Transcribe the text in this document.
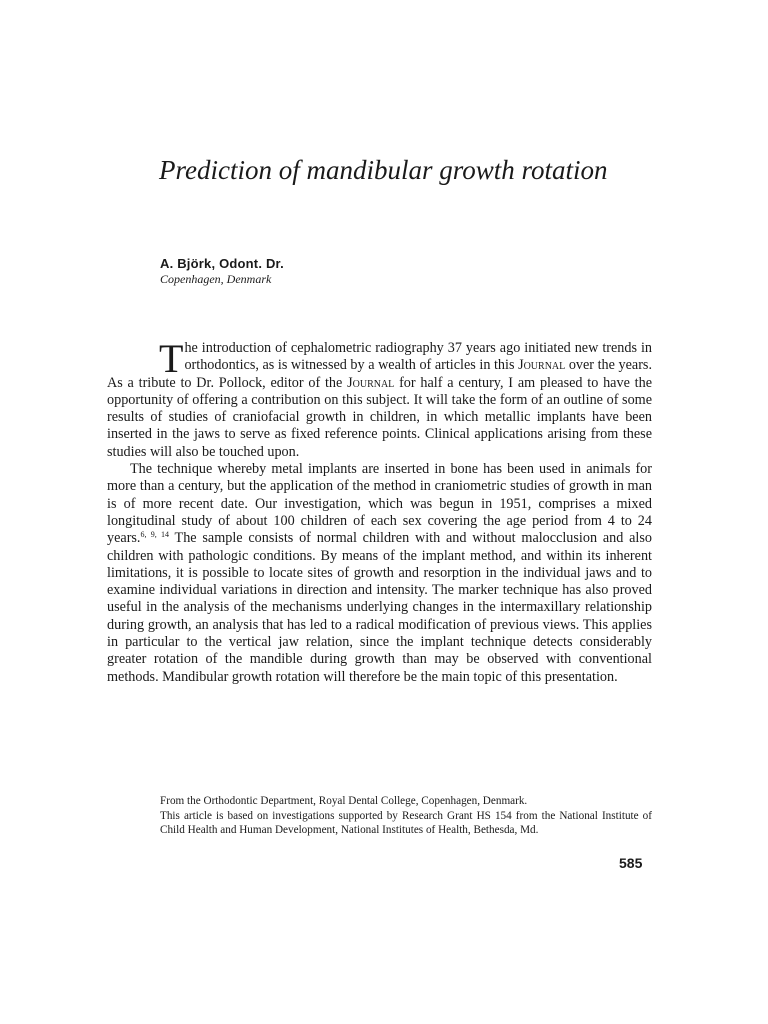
Prediction of mandibular growth rotation
A. Björk, Odont. Dr.
Copenhagen, Denmark

The introduction of cephalometric radiography 37 years ago initiated new trends in orthodontics, as is witnessed by a wealth of articles in this Journal over the years. As a tribute to Dr. Pollock, editor of the Journal for half a century, I am pleased to have the opportunity of offering a contribution on this subject. It will take the form of an outline of some results of studies of craniofacial growth in children, in which metallic implants have been inserted in the jaws to serve as fixed reference points. Clinical applications arising from these studies will also be touched upon.

The technique whereby metal implants are inserted in bone has been used in animals for more than a century, but the application of the method in craniometric studies of growth in man is of more recent date. Our investigation, which was begun in 1951, comprises a mixed longitudinal study of about 100 children of each sex covering the age period from 4 to 24 years.$^{6, 9, 14}$ The sample consists of normal children with and without malocclusion and also children with pathologic conditions. By means of the implant method, and within its inherent limitations, it is possible to locate sites of growth and resorption in the individual jaws and to examine individual variations in direction and intensity. The marker technique has also proved useful in the analysis of the mechanisms underlying changes in the intermaxillary relationship during growth, an analysis that has led to a radical modification of previous views. This applies in particular to the vertical jaw relation, since the implant technique detects considerably greater rotation of the mandible during growth than may be observed with conventional methods. Mandibular growth rotation will therefore be the main topic of this presentation.

From the Orthodontic Department, Royal Dental College, Copenhagen, Denmark.

This article is based on investigations supported by Research Grant HS 154 from the National Institute of Child Health and Human Development, National Institutes of Health, Bethesda, Md.

585
